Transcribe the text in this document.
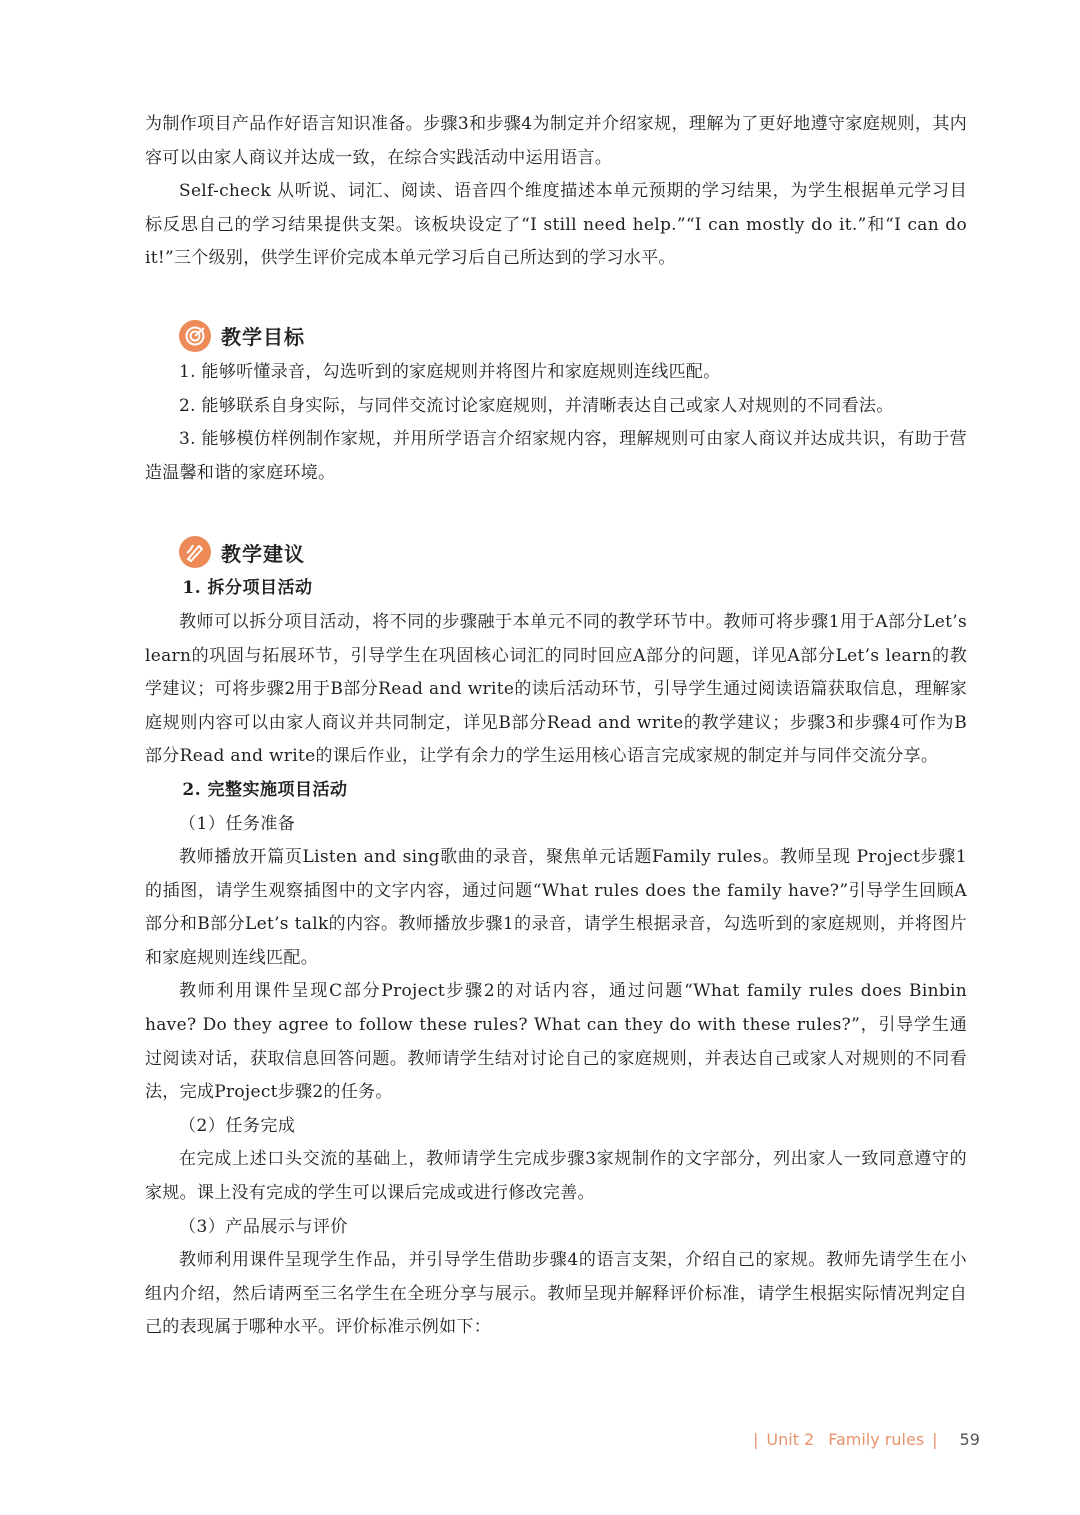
为制作项目产品作好语言知识准备。步骤3和步骤4为制定并介绍家规，理解为了更好地遵守家庭规则，其内容可以由家人商议并达成一致，在综合实践活动中运用语言。

Self-check 从听说、词汇、阅读、语音四个维度描述本单元预期的学习结果，为学生根据单元学习目标反思自己的学习结果提供支架。该板块设定了“I still need help.”“I can mostly do it.”和“I can do it!”三个级别，供学生评价完成本单元学习后自己所达到的学习水平。

教学目标

1. 能够听懂录音，勾选听到的家庭规则并将图片和家庭规则连线匹配。

2. 能够联系自身实际，与同伴交流讨论家庭规则，并清晰表达自己或家人对规则的不同看法。

3. 能够模仿样例制作家规，并用所学语言介绍家规内容，理解规则可由家人商议并达成共识，有助于营造温馨和谐的家庭环境。

教学建议
1. 拆分项目活动

教师可以拆分项目活动，将不同的步骤融于本单元不同的教学环节中。教师可将步骤1用于A部分Let’s learn的巩固与拓展环节，引导学生在巩固核心词汇的同时回应A部分的问题，详见A部分Let’s learn的教学建议；可将步骤2用于B部分Read and write的读后活动环节，引导学生通过阅读语篇获取信息，理解家庭规则内容可以由家人商议并共同制定，详见B部分Read and write的教学建议；步骤3和步骤4可作为B部分Read and write的课后作业，让学有余力的学生运用核心语言完成家规的制定并与同伴交流分享。

2. 完整实施项目活动
（1）任务准备

教师播放开篇页Listen and sing歌曲的录音，聚焦单元话题Family rules。教师呈现 Project步骤1的插图，请学生观察插图中的文字内容，通过问题“What rules does the family have?”引导学生回顾A部分和B部分Let’s talk的内容。教师播放步骤1的录音，请学生根据录音，勾选听到的家庭规则，并将图片和家庭规则连线匹配。

教师利用课件呈现C部分Project步骤2的对话内容，通过问题“What family rules does Binbin have? Do they agree to follow these rules? What can they do with these rules?”，引导学生通过阅读对话，获取信息回答问题。教师请学生结对讨论自己的家庭规则，并表达自己或家人对规则的不同看法，完成Project步骤2的任务。

（2）任务完成

在完成上述口头交流的基础上，教师请学生完成步骤3家规制作的文字部分，列出家人一致同意遵守的家规。课上没有完成的学生可以课后完成或进行修改完善。

（3）产品展示与评价

教师利用课件呈现学生作品，并引导学生借助步骤4的语言支架，介绍自己的家规。教师先请学生在小组内介绍，然后请两至三名学生在全班分享与展示。教师呈现并解释评价标准，请学生根据实际情况判定自己的表现属于哪种水平。评价标准示例如下：

| Unit 2 Family rules | 59
